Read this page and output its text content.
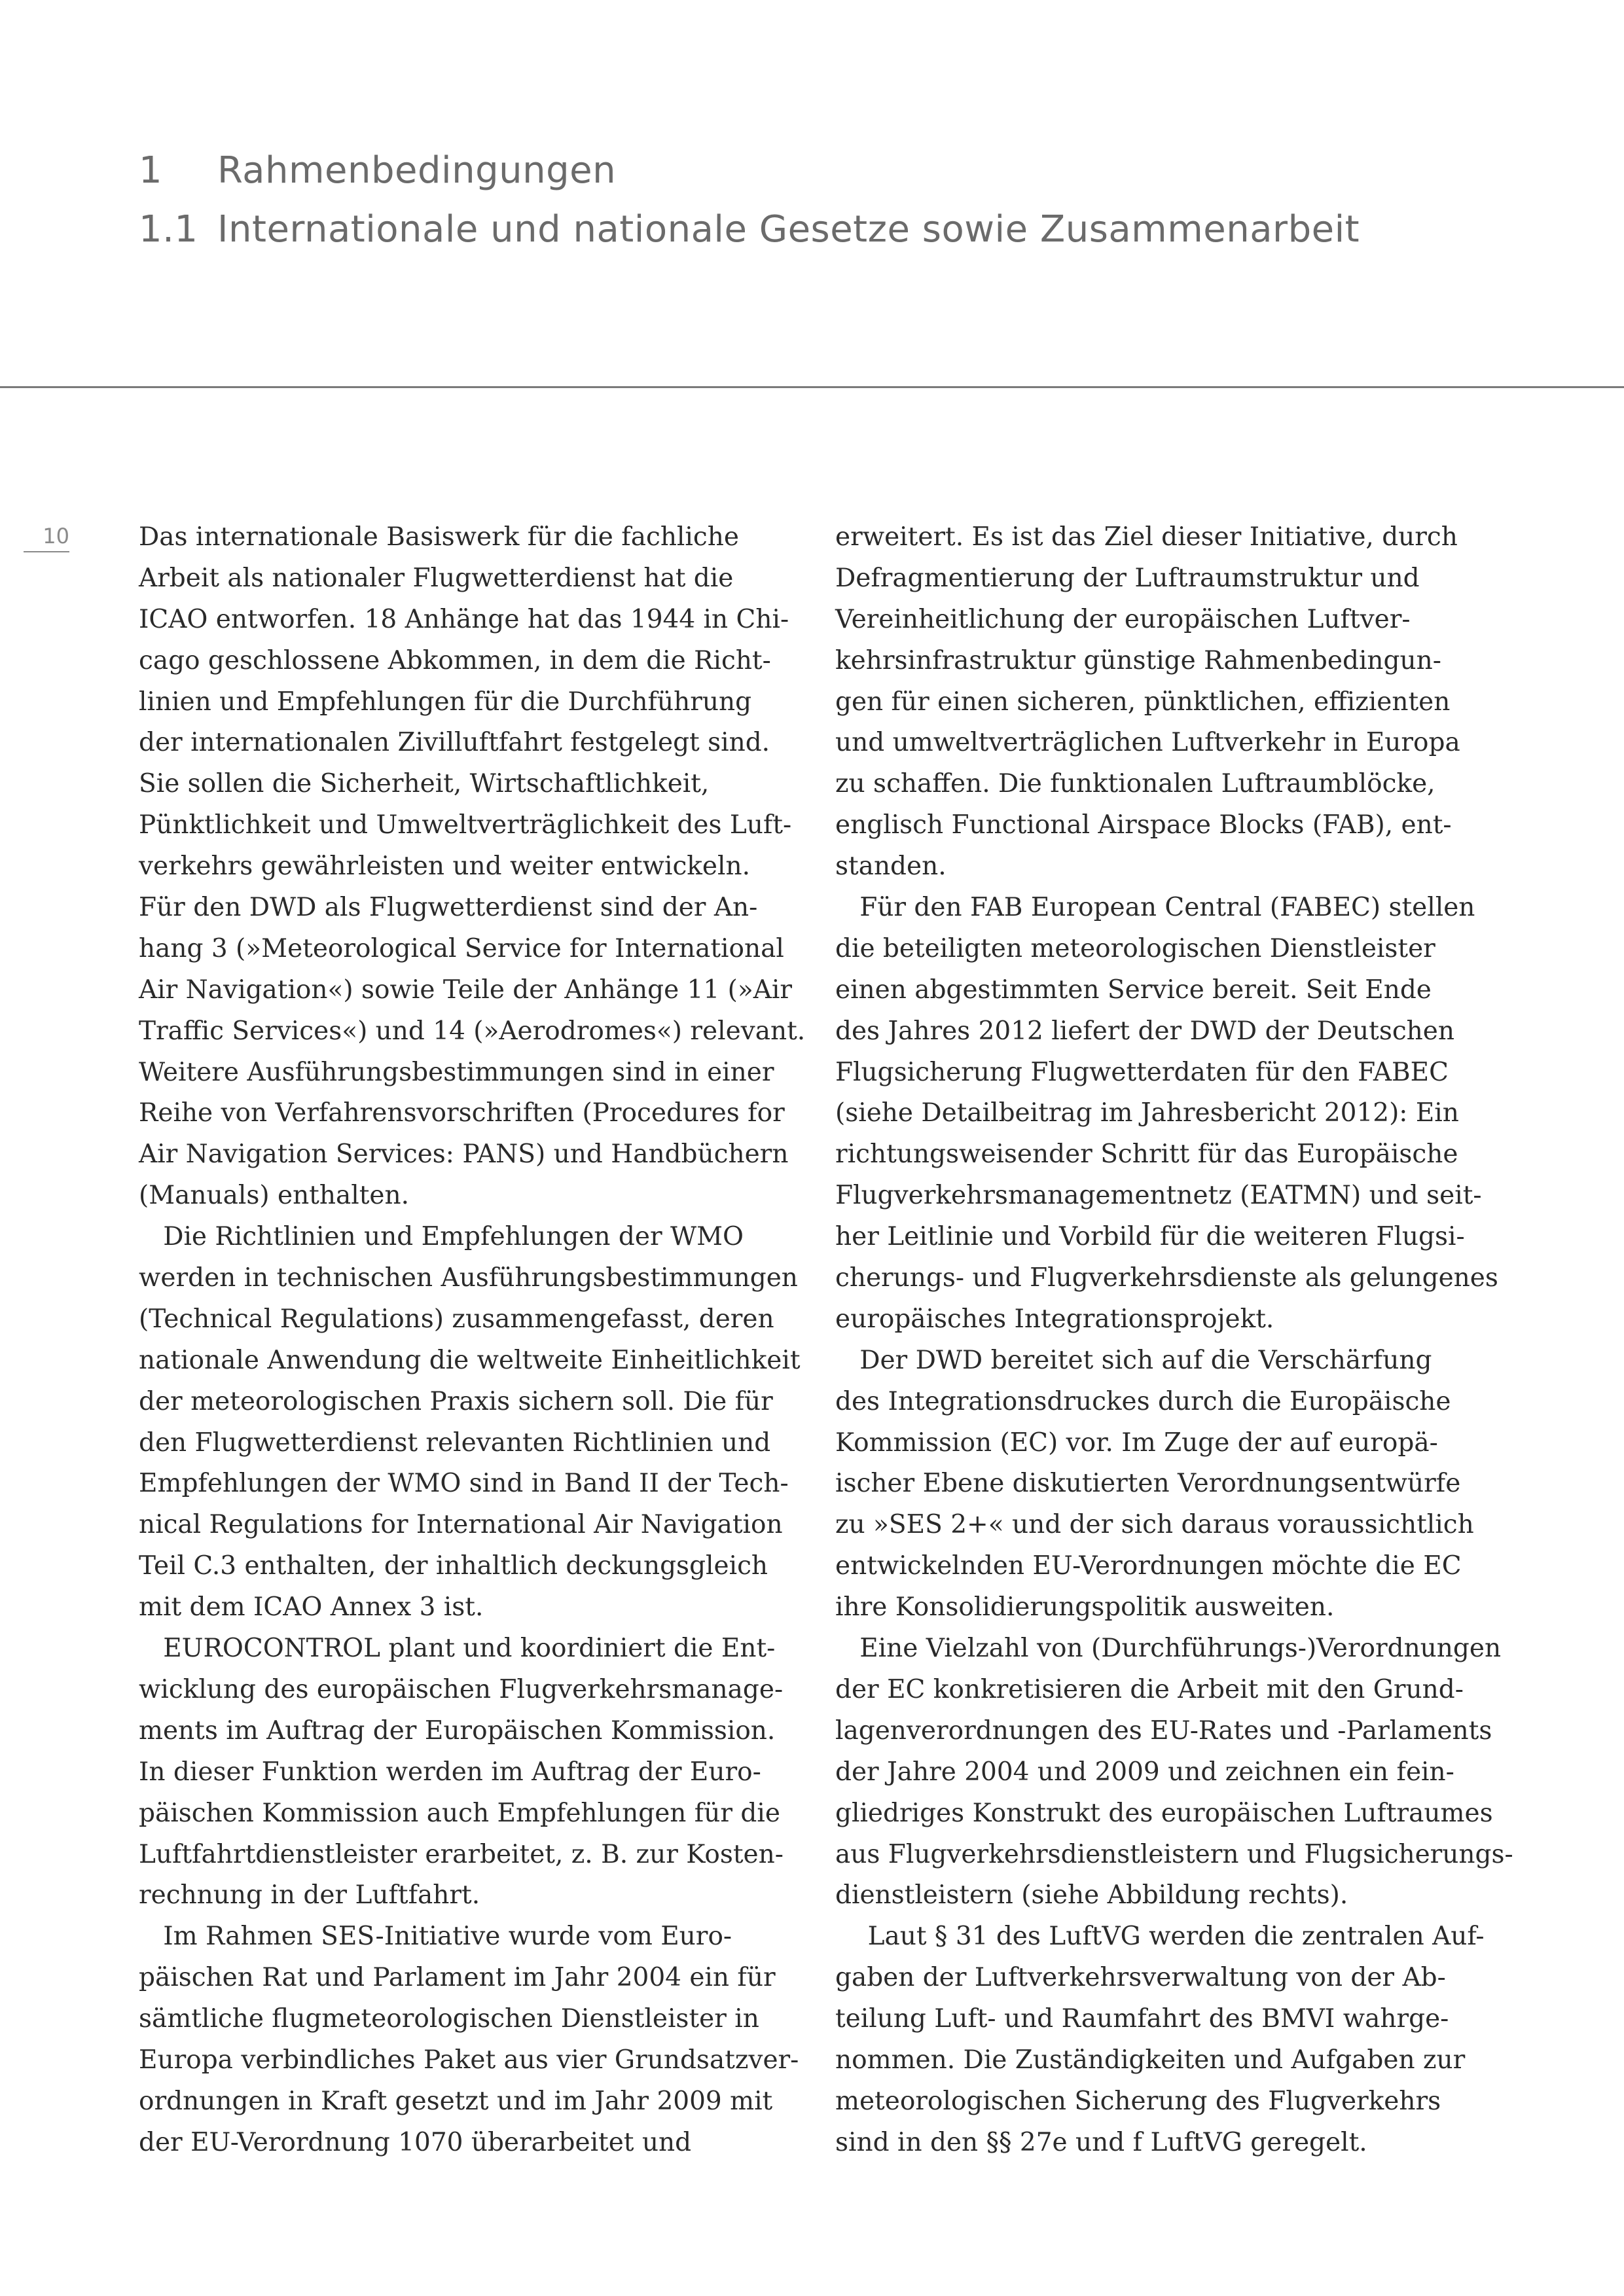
1 Rahmenbedingungen
1.1 Internationale und nationale Gesetze sowie Zusammenarbeit
10	Das internationale Basiswerk für die fachliche
Arbeit als nationaler Flugwetterdienst hat die
ICAO entworfen. 18 Anhänge hat das 1944 in Chi-
cago geschlossene Abkommen, in dem die Richt-
linien und Empfehlungen für die Durchführung
der internationalen Zivilluftfahrt festgelegt sind.
Sie sollen die Sicherheit, Wirtschaftlichkeit,
Pünktlichkeit und Umweltverträglichkeit des Luft-
verkehrs gewährleisten und weiter entwickeln.
Für den DWD als Flugwetterdienst sind der An-
hang 3 (»Meteorological Service for International
Air Navigation«) sowie Teile der Anhänge 11 (»Air
Traffic Services«) und 14 (»Aerodromes«) relevant.
Weitere Ausführungsbestimmungen sind in einer
Reihe von Verfahrensvorschriften (Procedures for
Air Navigation Services: PANS) und Handbüchern
(Manuals) enthalten.
Die Richtlinien und Empfehlungen der WMO
werden in technischen Ausführungsbestimmungen
(Technical Regulations) zusammengefasst, deren
nationale Anwendung die weltweite Einheitlichkeit
der meteorologischen Praxis sichern soll. Die für
den Flugwetterdienst relevanten Richtlinien und
Empfehlungen der WMO sind in Band II der Tech-
nical Regulations for International Air Navigation
Teil C.3 enthalten, der inhaltlich deckungsgleich
mit dem ICAO Annex 3 ist.
EUROCONTROL plant und koordiniert die Ent-
wicklung des europäischen Flugverkehrsmanage-
ments im Auftrag der Europäischen Kommission.
In dieser Funktion werden im Auftrag der Euro-
päischen Kommission auch Empfehlungen für die
Luftfahrtdienstleister erarbeitet, z. B. zur Kosten-
rechnung in der Luftfahrt.
Im Rahmen SES-Initiative wurde vom Euro-
päischen Rat und Parlament im Jahr 2004 ein für
sämtliche flugmeteorologischen Dienstleister in
Europa verbindliches Paket aus vier Grundsatzver-
ordnungen in Kraft gesetzt und im Jahr 2009 mit
der EU-Verordnung 1070 überarbeitet und
erweitert. Es ist das Ziel dieser Initiative, durch
Defragmentierung der Luftraumstruktur und
Vereinheitlichung der europäischen Luftver-
kehrsinfrastruktur günstige Rahmenbedingun-
gen für einen sicheren, pünktlichen, effizienten
und umweltverträglichen Luftverkehr in Europa
zu schaffen. Die funktionalen Luftraumblöcke,
englisch Functional Airspace Blocks (FAB), ent-
standen.
Für den FAB European Central (FABEC) stellen
die beteiligten meteorologischen Dienstleister
einen abgestimmten Service bereit. Seit Ende
des Jahres 2012 liefert der DWD der Deutschen
Flugsicherung Flugwetterdaten für den FABEC
(siehe Detailbeitrag im Jahresbericht 2012): Ein
richtungsweisender Schritt für das Europäische
Flugverkehrsmanagementnetz (EATMN) und seit-
her Leitlinie und Vorbild für die weiteren Flugsi-
cherungs- und Flugverkehrsdienste als gelungenes
europäisches Integrationsprojekt.
Der DWD bereitet sich auf die Verschärfung
des Integrationsdruckes durch die Europäische
Kommission (EC) vor. Im Zuge der auf europä-
ischer Ebene diskutierten Verordnungsentwürfe
zu »SES 2+« und der sich daraus voraussichtlich
entwickelnden EU-Verordnungen möchte die EC
ihre Konsolidierungspolitik ausweiten.
Eine Vielzahl von (Durchführungs-)Verordnungen
der EC konkretisieren die Arbeit mit den Grund-
lagenverordnungen des EU-Rates und -Parlaments
der Jahre 2004 und 2009 und zeichnen ein fein-
gliedriges Konstrukt des europäischen Luftraumes
aus Flugverkehrsdienstleistern und Flugsicherungs-
dienstleistern (siehe Abbildung rechts).
Laut § 31 des LuftVG werden die zentralen Auf-
gaben der Luftverkehrsverwaltung von der Ab-
teilung Luft- und Raumfahrt des BMVI wahrge-
nommen. Die Zuständigkeiten und Aufgaben zur
meteorologischen Sicherung des Flugverkehrs
sind in den §§ 27e und f LuftVG geregelt.
